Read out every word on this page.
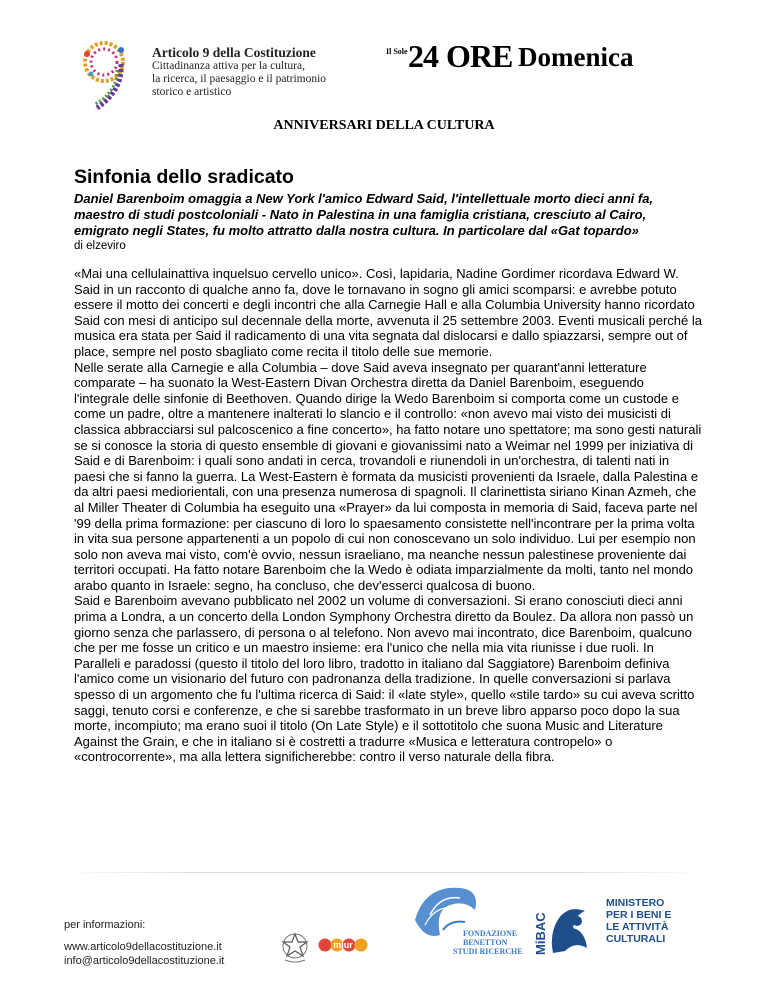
Articolo 9 della Costituzione
Cittadinanza attiva per la cultura,
la ricerca, il paesaggio e il patrimonio
storico e artistico
Il Sole 24 ORE Domenica
ANNIVERSARI DELLA CULTURA
Sinfonia dello sradicato

Daniel Barenboim omaggia a New York l'amico Edward Said, l'intellettuale morto dieci anni fa, maestro di studi postcoloniali - Nato in Palestina in una famiglia cristiana, cresciuto al Cairo, emigrato negli States, fu molto attratto dalla nostra cultura. In particolare dal «Gat topardo»

di elzeviro

«Mai una cellulainattiva inquelsuo cervello unico». Così, lapidaria, Nadine Gordimer ricordava Edward W. Said in un racconto di qualche anno fa, dove le tornavano in sogno gli amici scomparsi: e avrebbe potuto essere il motto dei concerti e degli incontri che alla Carnegie Hall e alla Columbia University hanno ricordato Said con mesi di anticipo sul decennale della morte, avvenuta il 25 settembre 2003. Eventi musicali perché la musica era stata per Said il radicamento di una vita segnata dal dislocarsi e dallo spiazzarsi, sempre out of place, sempre nel posto sbagliato come recita il titolo delle sue memorie.

Nelle serate alla Carnegie e alla Columbia – dove Said aveva insegnato per quarant'anni letterature comparate – ha suonato la West-Eastern Divan Orchestra diretta da Daniel Barenboim, eseguendo l'integrale delle sinfonie di Beethoven. Quando dirige la Wedo Barenboim si comporta come un custode e come un padre, oltre a mantenere inalterati lo slancio e il controllo: «non avevo mai visto dei musicisti di classica abbracciarsi sul palcoscenico a fine concerto», ha fatto notare uno spettatore; ma sono gesti naturali se si conosce la storia di questo ensemble di giovani e giovanissimi nato a Weimar nel 1999 per iniziativa di Said e di Barenboim: i quali sono andati in cerca, trovandoli e riunendoli in un'orchestra, di talenti nati in paesi che si fanno la guerra. La West-Eastern è formata da musicisti provenienti da Israele, dalla Palestina e da altri paesi mediorientali, con una presenza numerosa di spagnoli. Il clarinettista siriano Kinan Azmeh, che al Miller Theater di Columbia ha eseguito una «Prayer» da lui composta in memoria di Said, faceva parte nel '99 della prima formazione: per ciascuno di loro lo spaesamento consistette nell'incontrare per la prima volta in vita sua persone appartenenti a un popolo di cui non conoscevano un solo individuo. Lui per esempio non solo non aveva mai visto, com'è ovvio, nessun israeliano, ma neanche nessun palestinese proveniente dai territori occupati. Ha fatto notare Barenboim che la Wedo è odiata imparzialmente da molti, tanto nel mondo arabo quanto in Israele: segno, ha concluso, che dev'esserci qualcosa di buono.

Said e Barenboim avevano pubblicato nel 2002 un volume di conversazioni. Si erano conosciuti dieci anni prima a Londra, a un concerto della London Symphony Orchestra diretto da Boulez. Da allora non passò un giorno senza che parlassero, di persona o al telefono. Non avevo mai incontrato, dice Barenboim, qualcuno che per me fosse un critico e un maestro insieme: era l'unico che nella mia vita riunisse i due ruoli. In Paralleli e paradossi (questo il titolo del loro libro, tradotto in italiano dal Saggiatore) Barenboim definiva l'amico come un visionario del futuro con padronanza della tradizione. In quelle conversazioni si parlava spesso di un argomento che fu l'ultima ricerca di Said: il «late style», quello «stile tardo» su cui aveva scritto saggi, tenuto corsi e conferenze, e che si sarebbe trasformato in un breve libro apparso poco dopo la sua morte, incompiuto; ma erano suoi il titolo (On Late Style) e il sottotitolo che suona Music and Literature Against the Grain, e che in italiano si è costretti a tradurre «Musica e letteratura contropelo» o «controcorrente», ma alla lettera significherebbe: contro il verso naturale della fibra.

per informazioni:
www.articolo9dellacostituzione.it
info@articolo9dellacostituzione.it
miur
FONDAZIONE
BENETTON
STUDI RICERCHE MiBAC
MINISTERO
PER I BENI E
LE ATTIVITÀ
CULTURALI
